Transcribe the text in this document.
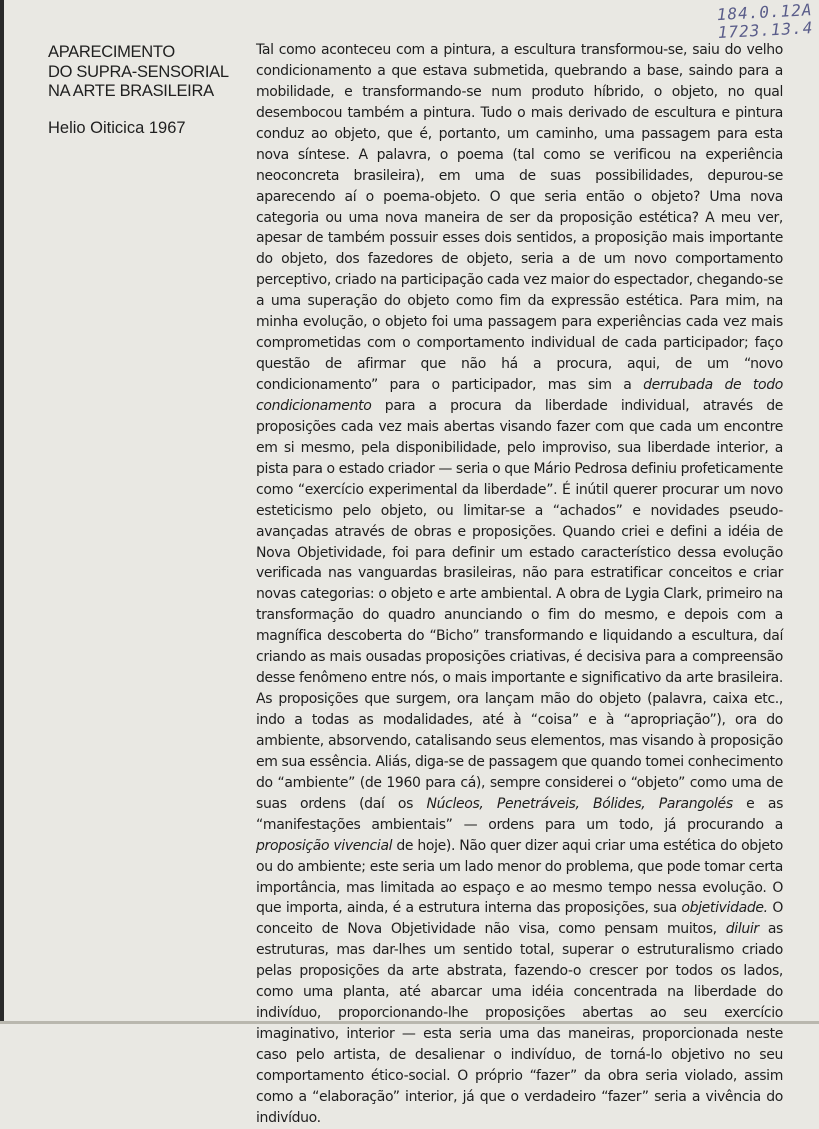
184.0.12A
1723.13.4
APARECIMENTO
DO SUPRA-SENSORIAL
NA ARTE BRASILEIRA
Helio Oiticica 1967
Tal como aconteceu com a pintura, a escultura transformou-se, saiu do velho condicionamento a que estava submetida, quebrando a base, saindo para a mobilidade, e transformando-se num produto híbrido, o objeto, no qual desembocou também a pintura. Tudo o mais derivado de escultura e pintura conduz ao objeto, que é, portanto, um caminho, uma passagem para esta nova síntese. A palavra, o poema (tal como se verificou na experiência neoconcreta brasileira), em uma de suas possibilidades, depurou-se aparecendo aí o poema-objeto. O que seria então o objeto? Uma nova categoria ou uma nova maneira de ser da proposição estética? A meu ver, apesar de também possuir esses dois sentidos, a proposição mais importante do objeto, dos fazedores de objeto, seria a de um novo comportamento perceptivo, criado na participação cada vez maior do espectador, chegando-se a uma superação do objeto como fim da expressão estética. Para mim, na minha evolução, o objeto foi uma passagem para experiências cada vez mais comprometidas com o comportamento individual de cada participador; faço questão de afirmar que não há a procura, aqui, de um “novo condicionamento” para o participador, mas sim a derrubada de todo condicionamento para a procura da liberdade individual, através de proposições cada vez mais abertas visando fazer com que cada um encontre em si mesmo, pela disponibilidade, pelo improviso, sua liberdade interior, a pista para o estado criador — seria o que Mário Pedrosa definiu profeticamente como “exercício experimental da liberdade”. É inútil querer procurar um novo esteticismo pelo objeto, ou limitar-se a “achados” e novidades pseudo-avançadas através de obras e proposições. Quando criei e defini a idéia de Nova Objetividade, foi para definir um estado característico dessa evolução verificada nas vanguardas brasileiras, não para estratificar conceitos e criar novas categorias: o objeto e arte ambiental. A obra de Lygia Clark, primeiro na transformação do quadro anunciando o fim do mesmo, e depois com a magnífica descoberta do “Bicho” transformando e liquidando a escultura, daí criando as mais ousadas proposições criativas, é decisiva para a compreensão desse fenômeno entre nós, o mais importante e significativo da arte brasileira. As proposições que surgem, ora lançam mão do objeto (palavra, caixa etc., indo a todas as modalidades, até à “coisa” e à “apropriação”), ora do ambiente, absorvendo, catalisando seus elementos, mas visando à proposição em sua essência. Aliás, diga-se de passagem que quando tomei conhecimento do “ambiente” (de 1960 para cá), sempre considerei o “objeto” como uma de suas ordens (daí os Núcleos, Penetráveis, Bólides, Parangolés e as “manifestações ambientais” — ordens para um todo, já procurando a proposição vivencial de hoje). Não quer dizer aqui criar uma estética do objeto ou do ambiente; este seria um lado menor do problema, que pode tomar certa importância, mas limitada ao espaço e ao mesmo tempo nessa evolução. O que importa, ainda, é a estrutura interna das proposições, sua objetividade. O conceito de Nova Objetividade não visa, como pensam muitos, diluir as estruturas, mas dar-lhes um sentido total, superar o estruturalismo criado pelas proposições da arte abstrata, fazendo-o crescer por todos os lados, como uma planta, até abarcar uma idéia concentrada na liberdade do indivíduo, proporcionando-lhe proposições abertas ao seu exercício imaginativo, interior — esta seria uma das maneiras, proporcionada neste caso pelo artista, de desalienar o indivíduo, de torná-lo objetivo no seu comportamento ético-social. O próprio “fazer” da obra seria violado, assim como a “elaboração” interior, já que o verdadeiro “fazer” seria a vivência do indivíduo.
